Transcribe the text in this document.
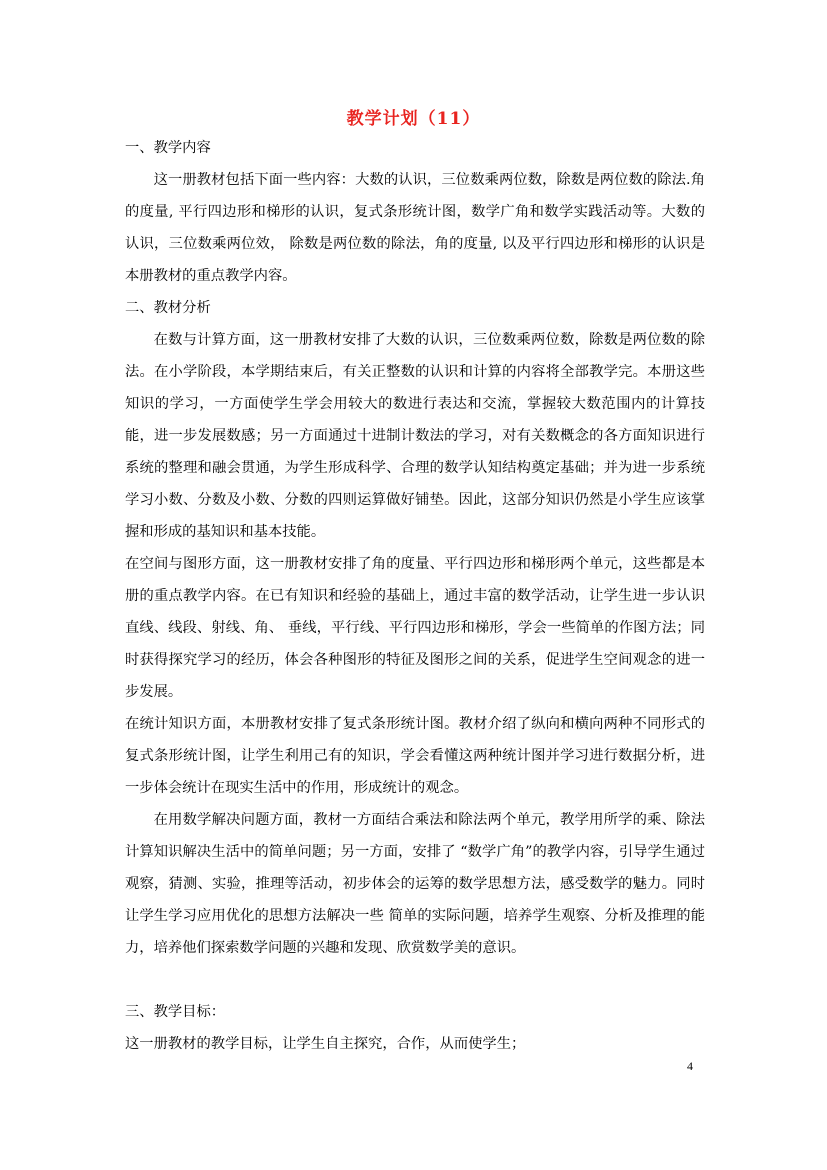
教学计划（11）

一、教学内容

这一册教材包括下面一些内容：大数的认识，三位数乘两位数，除数是两位数的除法.角的度量, 平行四边形和梯形的认识，复式条形统计图，数学广角和数学实践活动等。大数的认识，三位数乘两位效， 除数是两位数的除法，角的度量, 以及平行四边形和梯形的认识是本册教材的重点教学内容。

二、教材分析

在数与计算方面，这一册教材安排了大数的认识，三位数乘两位数，除数是两位数的除法。在小学阶段，本学期结束后，有关正整数的认识和计算的内容将全部教学完。本册这些知识的学习，一方面使学生学会用较大的数进行表达和交流，掌握较大数范围内的计算技能，进一步发展数感；另一方面通过十进制计数法的学习，对有关数概念的各方面知识进行系统的整理和融会贯通，为学生形成科学、合理的数学认知结构奠定基础；并为进一步系统学习小数、分数及小数、分数的四则运算做好铺垫。因此，这部分知识仍然是小学生应该掌握和形成的基知识和基本技能。

在空间与图形方面，这一册教材安排了角的度量、平行四边形和梯形两个单元，这些都是本册的重点教学内容。在已有知识和经验的基础上，通过丰富的数学活动，让学生进一步认识直线、线段、射线、角、 垂线，平行线、平行四边形和梯形，学会一些简单的作图方法；同时获得探究学习的经历，体会各种图形的特征及图形之间的关系，促进学生空间观念的进一步发展。

在统计知识方面，本册教材安排了复式条形统计图。教材介绍了纵向和横向两种不同形式的复式条形统计图，让学生利用己有的知识，学会看懂这两种统计图并学习进行数据分析，进一步体会统计在现实生活中的作用，形成统计的观念。

在用数学解决问题方面，教材一方面结合乘法和除法两个单元，教学用所学的乘、除法计算知识解决生活中的简单问题；另一方面，安排了 “数学广角”的教学内容，引导学生通过观察，猜测、实验，推理等活动，初步体会的运筹的数学思想方法，感受数学的魅力。同时让学生学习应用优化的思想方法解决一些 简单的实际问题，培养学生观察、分析及推理的能力，培养他们探索数学问题的兴趣和发现、欣赏数学美的意识。

三、教学目标：

这一册教材的教学目标，让学生自主探究，合作，从而使学生；

4
